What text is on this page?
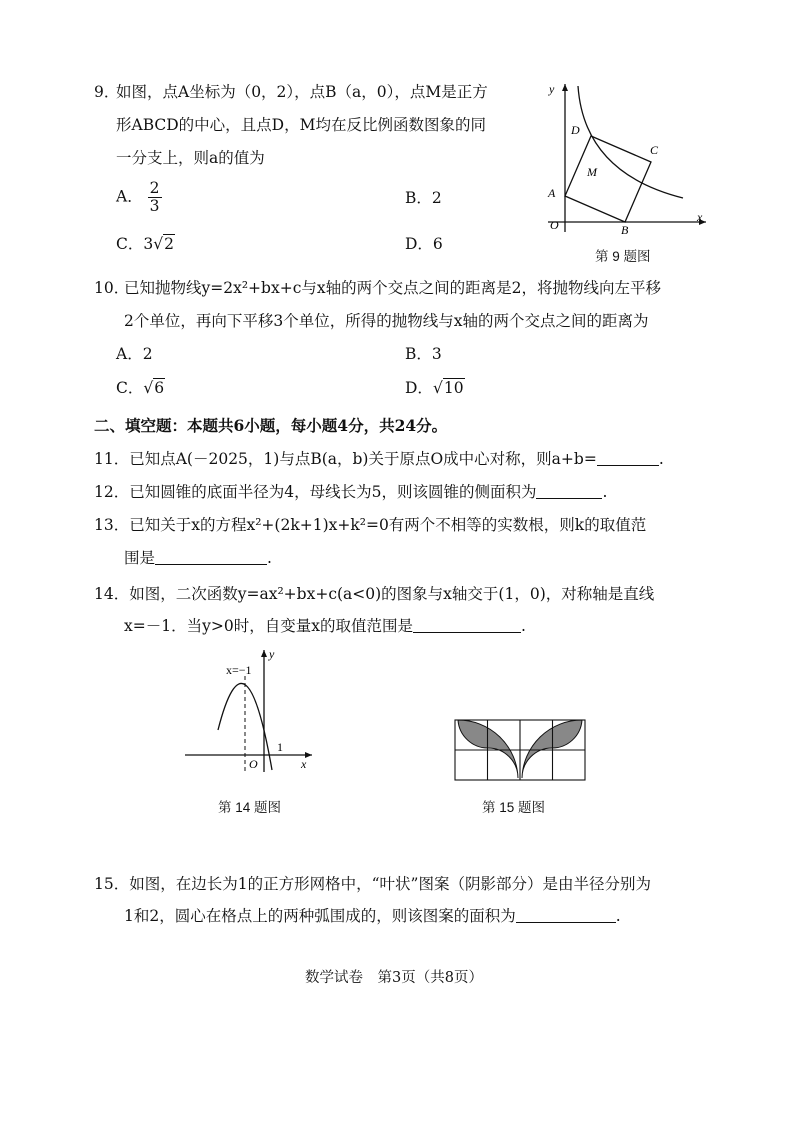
9．
如图，点A坐标为（0，2），点B（a，0），点M是正方
形ABCD的中心，且点D，M均在反比例函数图象的同
一分支上，则a的值为
A． $\frac{2}{3}$	B．2
C．3√2	D．6
y
x
O
A
B
C
D
M
第 9 题图
10．
已知抛物线y=2x²+bx+c与x轴的两个交点之间的距离是2，将抛物线向左平移
2个单位，再向下平移3个单位，所得的抛物线与x轴的两个交点之间的距离为
A．2	B．3
C．√6	D．√10
二、填空题：本题共6小题，每小题4分，共24分。
11．已知点A(－2025，1)与点B(a，b)关于原点O成中心对称，则a+b=	.
12．已知圆锥的底面半径为4，母线长为5，则该圆锥的侧面积为	.
13．已知关于x的方程x²+(2k+1)x+k²=0有两个不相等的实数根，则k的取值范
围是	.
14．如图，二次函数y=ax²+bx+c(a<0)的图象与x轴交于(1，0)，对称轴是直线
x=－1．当y>0时，自变量x的取值范围是	.
x=−1
y
x
O
1
第 14 题图	第 15 题图
15．如图，在边长为1的正方形网格中，“叶状”图案（阴影部分）是由半径分别为
1和2，圆心在格点上的两种弧围成的，则该图案的面积为	.
数学试卷　第3页（共8页）
